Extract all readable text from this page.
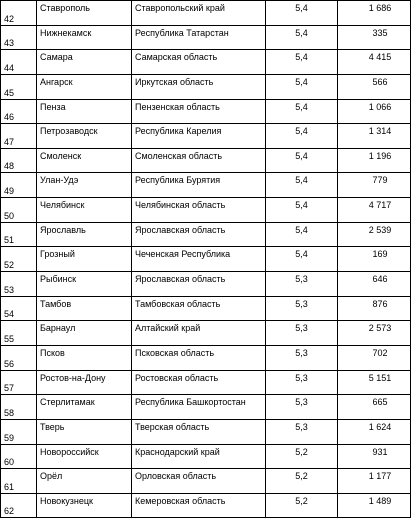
42	Ставрополь	Ставропольский край	5,4	1 686
43	Нижнекамск	Республика Татарстан	5,4	335
44	Самара	Самарская область	5,4	4 415
45	Ангарск	Иркутская область	5,4	566
46	Пенза	Пензенская область	5,4	1 066
47	Петрозаводск	Республика Карелия	5,4	1 314
48	Смоленск	Смоленская область	5,4	1 196
49	Улан-Удэ	Республика Бурятия	5,4	779
50	Челябинск	Челябинская область	5,4	4 717
51	Ярославль	Ярославская область	5,4	2 539
52	Грозный	Чеченская Республика	5,4	169
53	Рыбинск	Ярославская область	5,3	646
54	Тамбов	Тамбовская область	5,3	876
55	Барнаул	Алтайский край	5,3	2 573
56	Псков	Псковская область	5,3	702
57	Ростов-на-Дону	Ростовская область	5,3	5 151
58	Стерлитамак	Республика Башкортостан	5,3	665
59	Тверь	Тверская область	5,3	1 624
60	Новороссийск	Краснодарский край	5,2	931
61	Орёл	Орловская область	5,2	1 177
62	Новокузнецк	Кемеровская область	5,2	1 489
